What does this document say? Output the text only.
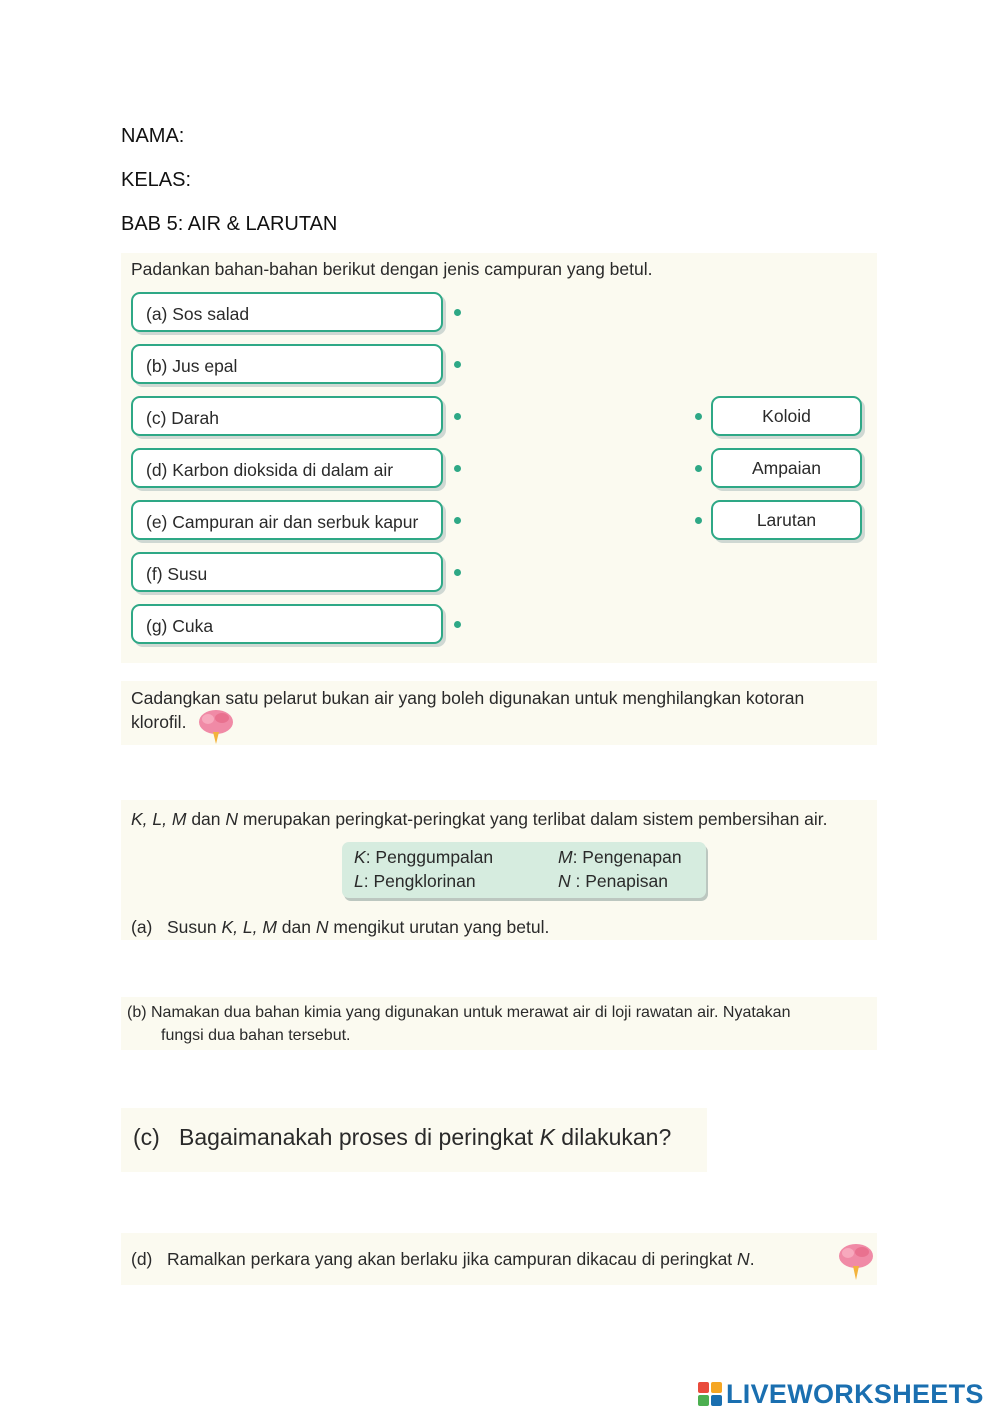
NAMA:
KELAS:
BAB 5: AIR & LARUTAN
Padankan bahan-bahan berikut dengan jenis campuran yang betul.
(a) Sos salad
(b) Jus epal
(c) Darah
(d) Karbon dioksida di dalam air
(e) Campuran air dan serbuk kapur
(f) Susu
(g) Cuka
Koloid
Ampaian
Larutan
Cadangkan satu pelarut bukan air yang boleh digunakan untuk menghilangkan kotoran
klorofil.
K, L, M dan N merupakan peringkat-peringkat yang terlibat dalam sistem pembersihan air.
K: Penggumpalan	M: Pengenapan
L: Pengklorinan	N : Penapisan
(a) Susun K, L, M dan N mengikut urutan yang betul.
(b) Namakan dua bahan kimia yang digunakan untuk merawat air di loji rawatan air. Nyatakan
fungsi dua bahan tersebut.
(c) Bagaimanakah proses di peringkat K dilakukan?
(d) Ramalkan perkara yang akan berlaku jika campuran dikacau di peringkat N.
LIVEWORKSHEETS
